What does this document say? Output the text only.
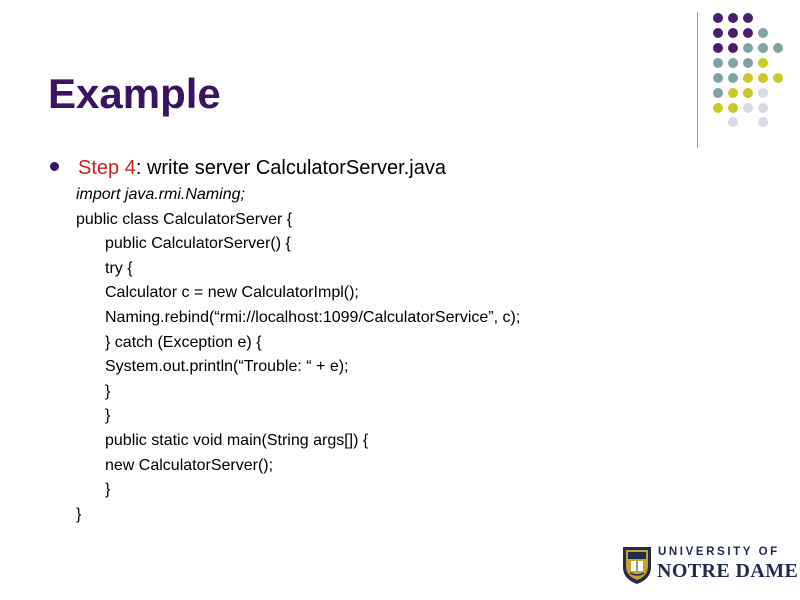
Example
Step 4: write server CalculatorServer.java
import java.rmi.Naming;
public class CalculatorServer {
public CalculatorServer() {
try {
Calculator c = new CalculatorImpl();
Naming.rebind(“rmi://localhost:1099/CalculatorService”, c);
} catch (Exception e) {
System.out.println(“Trouble: “ + e);
}
}
public static void main(String args[]) {
new CalculatorServer();
}
}
UNIVERSITY OF
NOTRE DAME
